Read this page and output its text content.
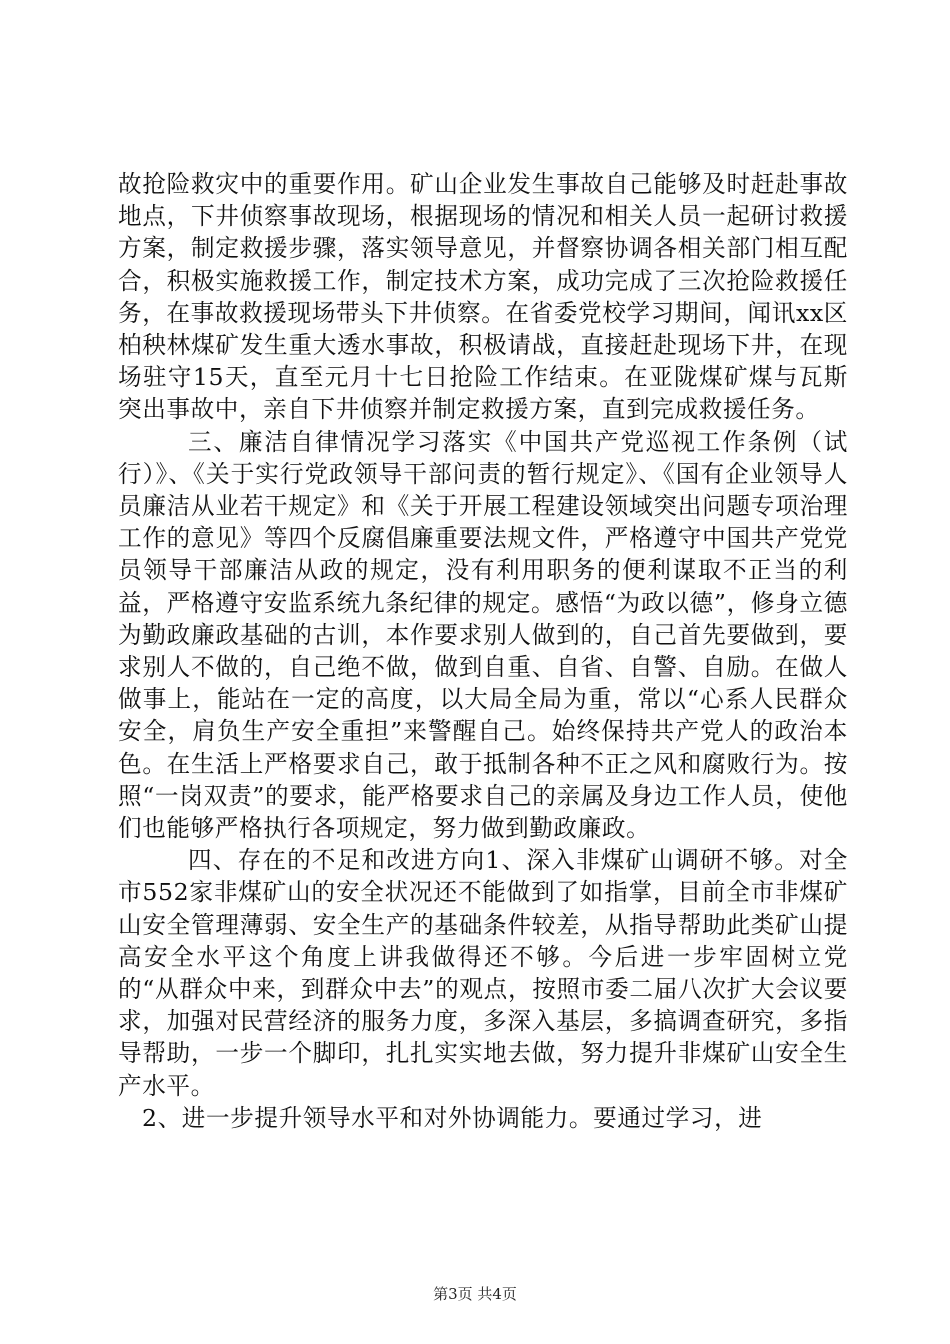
故抢险救灾中的重要作用。矿山企业发生事故自己能够及时赶赴事故地点，下井侦察事故现场，根据现场的情况和相关人员一起研讨救援方案，制定救援步骤，落实领导意见，并督察协调各相关部门相互配合，积极实施救援工作，制定技术方案，成功完成了三次抢险救援任务，在事故救援现场带头下井侦察。在省委党校学习期间，闻讯xx区柏秧林煤矿发生重大透水事故，积极请战，直接赶赴现场下井，在现场驻守15天，直至元月十七日抢险工作结束。在亚陇煤矿煤与瓦斯突出事故中，亲自下井侦察并制定救援方案，直到完成救援任务。

三、廉洁自律情况学习落实《中国共产党巡视工作条例（试行）》、《关于实行党政领导干部问责的暂行规定》、《国有企业领导人员廉洁从业若干规定》和《关于开展工程建设领域突出问题专项治理工作的意见》等四个反腐倡廉重要法规文件，严格遵守中国共产党党员领导干部廉洁从政的规定，没有利用职务的便利谋取不正当的利益，严格遵守安监系统九条纪律的规定。感悟“为政以德”，修身立德为勤政廉政基础的古训，本作要求别人做到的，自己首先要做到，要求别人不做的，自己绝不做，做到自重、自省、自警、自励。在做人做事上，能站在一定的高度，以大局全局为重，常以“心系人民群众安全，肩负生产安全重担”来警醒自己。始终保持共产党人的政治本色。在生活上严格要求自己，敢于抵制各种不正之风和腐败行为。按照“一岗双责”的要求，能严格要求自己的亲属及身边工作人员，使他们也能够严格执行各项规定，努力做到勤政廉政。

四、存在的不足和改进方向1、深入非煤矿山调研不够。对全市552家非煤矿山的安全状况还不能做到了如指掌，目前全市非煤矿山安全管理薄弱、安全生产的基础条件较差，从指导帮助此类矿山提高安全水平这个角度上讲我做得还不够。今后进一步牢固树立党的“从群众中来，到群众中去”的观点，按照市委二届八次扩大会议要求，加强对民营经济的服务力度，多深入基层，多搞调查研究，多指导帮助，一步一个脚印，扎扎实实地去做，努力提升非煤矿山安全生产水平。

2、进一步提升领导水平和对外协调能力。要通过学习，进

第3页 共4页
